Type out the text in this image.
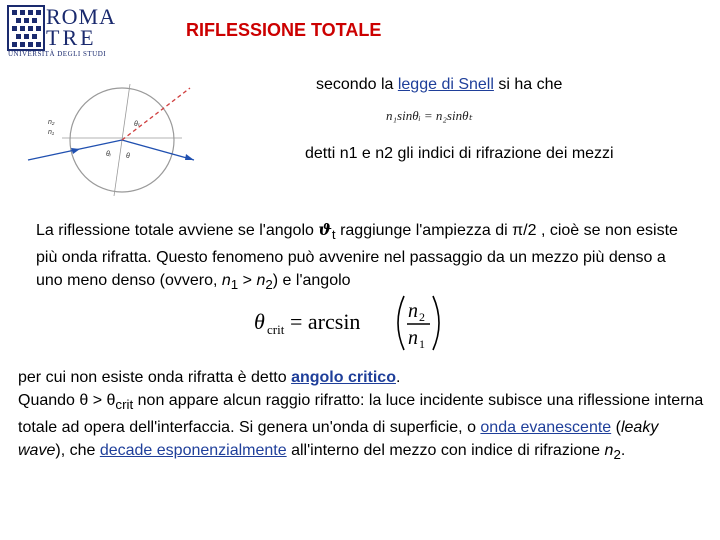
ROMA
TRE
UNIVERSITÀ DEGLI STUDI
RIFLESSIONE TOTALE
secondo la legge di Snell si ha che
n₁sinθᵢ = n₂sinθₜ
detti n1 e n2 gli indici di rifrazione dei mezzi
n₂
n₁
θᵢ θ
θₜ
La riflessione totale avviene se l'angolo $ϑ_t$ raggiunge l'ampiezza di π/2 , cioè se non esiste più onda rifratta. Questo fenomeno può avvenire nel passaggio da un mezzo più denso a uno meno denso (ovvero, $n_1 > n_2$) e l'angolo
θ crit = arcsin n 2
n 1
per cui non esiste onda rifratta è detto angolo critico.
Quando $\theta > \theta_{crit}$ non appare alcun raggio rifratto: la luce incidente subisce una riflessione interna totale ad opera dell'interfaccia. Si genera un'onda di superficie, o onda evanescente (leaky wave), che decade esponenzialmente all'interno del mezzo con indice di rifrazione $n_2$.
